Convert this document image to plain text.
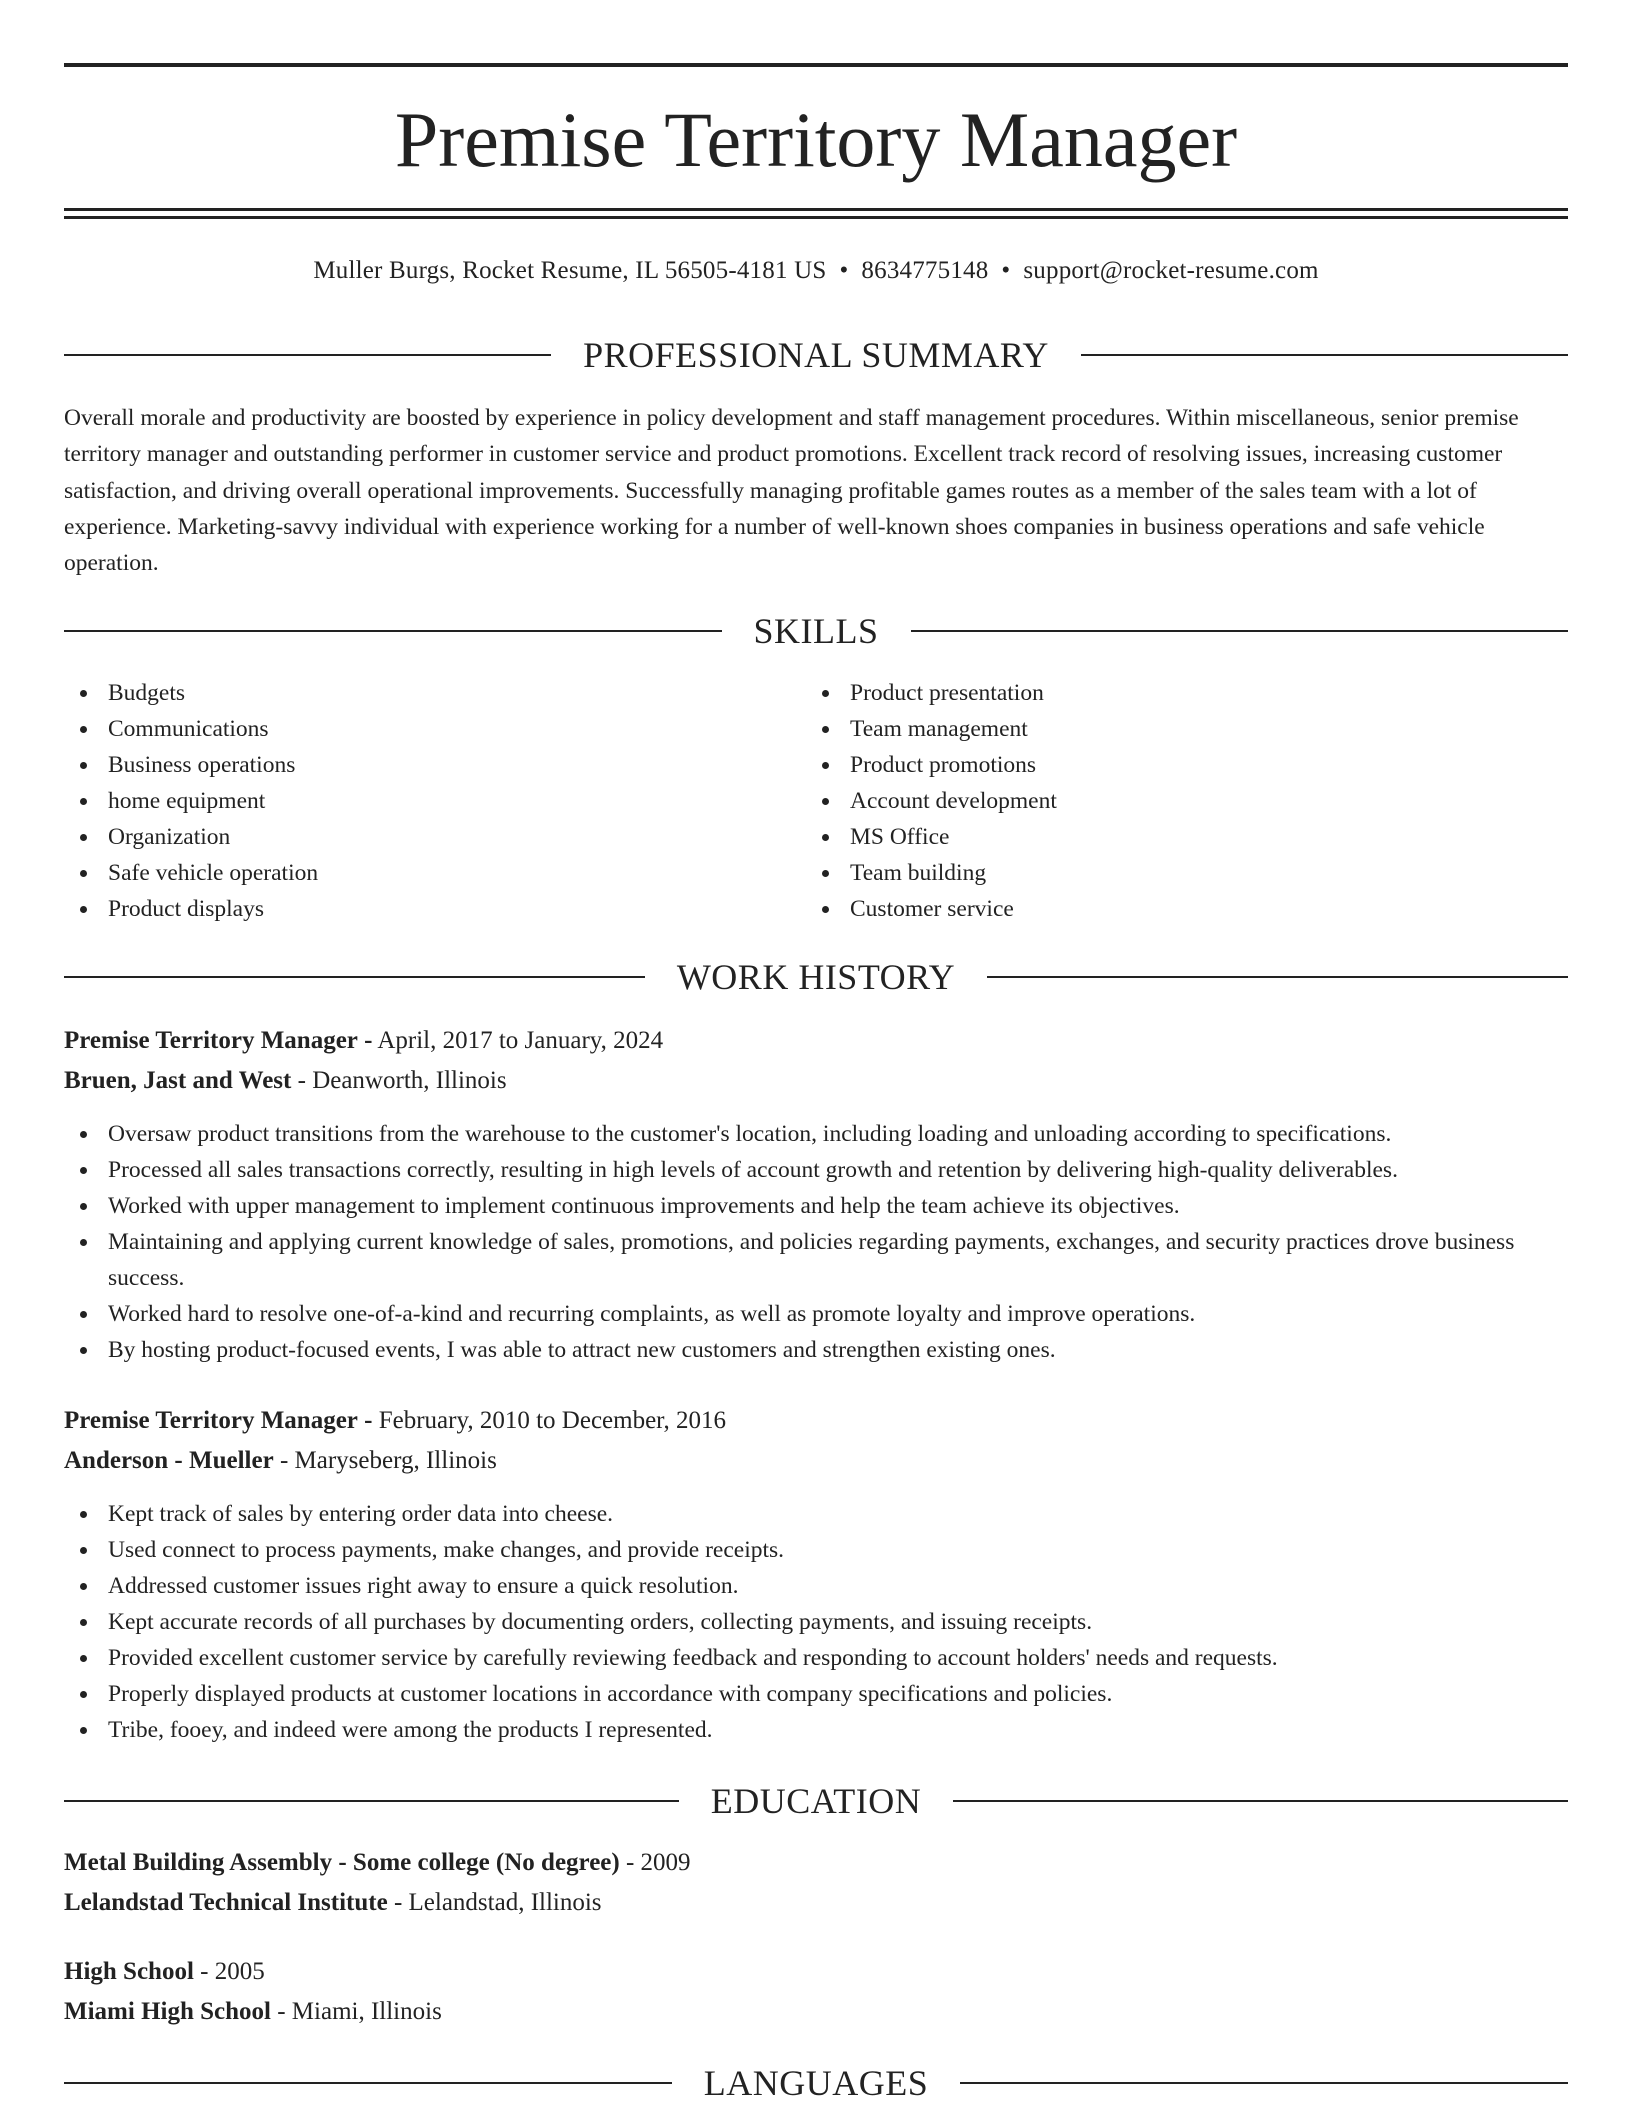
Premise Territory Manager
Muller Burgs, Rocket Resume, IL 56505-4181 US • 8634775148 • support@rocket-resume.com
PROFESSIONAL SUMMARY

Overall morale and productivity are boosted by experience in policy development and staff management procedures. Within miscellaneous, senior premise territory manager and outstanding performer in customer service and product promotions. Excellent track record of resolving issues, increasing customer satisfaction, and driving overall operational improvements. Successfully managing profitable games routes as a member of the sales team with a lot of experience. Marketing-savvy individual with experience working for a number of well-known shoes companies in business operations and safe vehicle operation.

SKILLS
Budgets
Communications
Business operations
home equipment
Organization
Safe vehicle operation
Product displays
Product presentation
Team management
Product promotions
Account development
MS Office
Team building
Customer service
WORK HISTORY
Premise Territory Manager - April, 2017 to January, 2024
Bruen, Jast and West - Deanworth, Illinois
Oversaw product transitions from the warehouse to the customer's location, including loading and unloading according to specifications.
Processed all sales transactions correctly, resulting in high levels of account growth and retention by delivering high-quality deliverables.
Worked with upper management to implement continuous improvements and help the team achieve its objectives.
Maintaining and applying current knowledge of sales, promotions, and policies regarding payments, exchanges, and security practices drove business success.
Worked hard to resolve one-of-a-kind and recurring complaints, as well as promote loyalty and improve operations.
By hosting product-focused events, I was able to attract new customers and strengthen existing ones.
Premise Territory Manager - February, 2010 to December, 2016
Anderson - Mueller - Maryseberg, Illinois
Kept track of sales by entering order data into cheese.
Used connect to process payments, make changes, and provide receipts.
Addressed customer issues right away to ensure a quick resolution.
Kept accurate records of all purchases by documenting orders, collecting payments, and issuing receipts.
Provided excellent customer service by carefully reviewing feedback and responding to account holders' needs and requests.
Properly displayed products at customer locations in accordance with company specifications and policies.
Tribe, fooey, and indeed were among the products I represented.
EDUCATION
Metal Building Assembly - Some college (No degree) - 2009
Lelandstad Technical Institute - Lelandstad, Illinois
High School - 2005
Miami High School - Miami, Illinois
LANGUAGES
